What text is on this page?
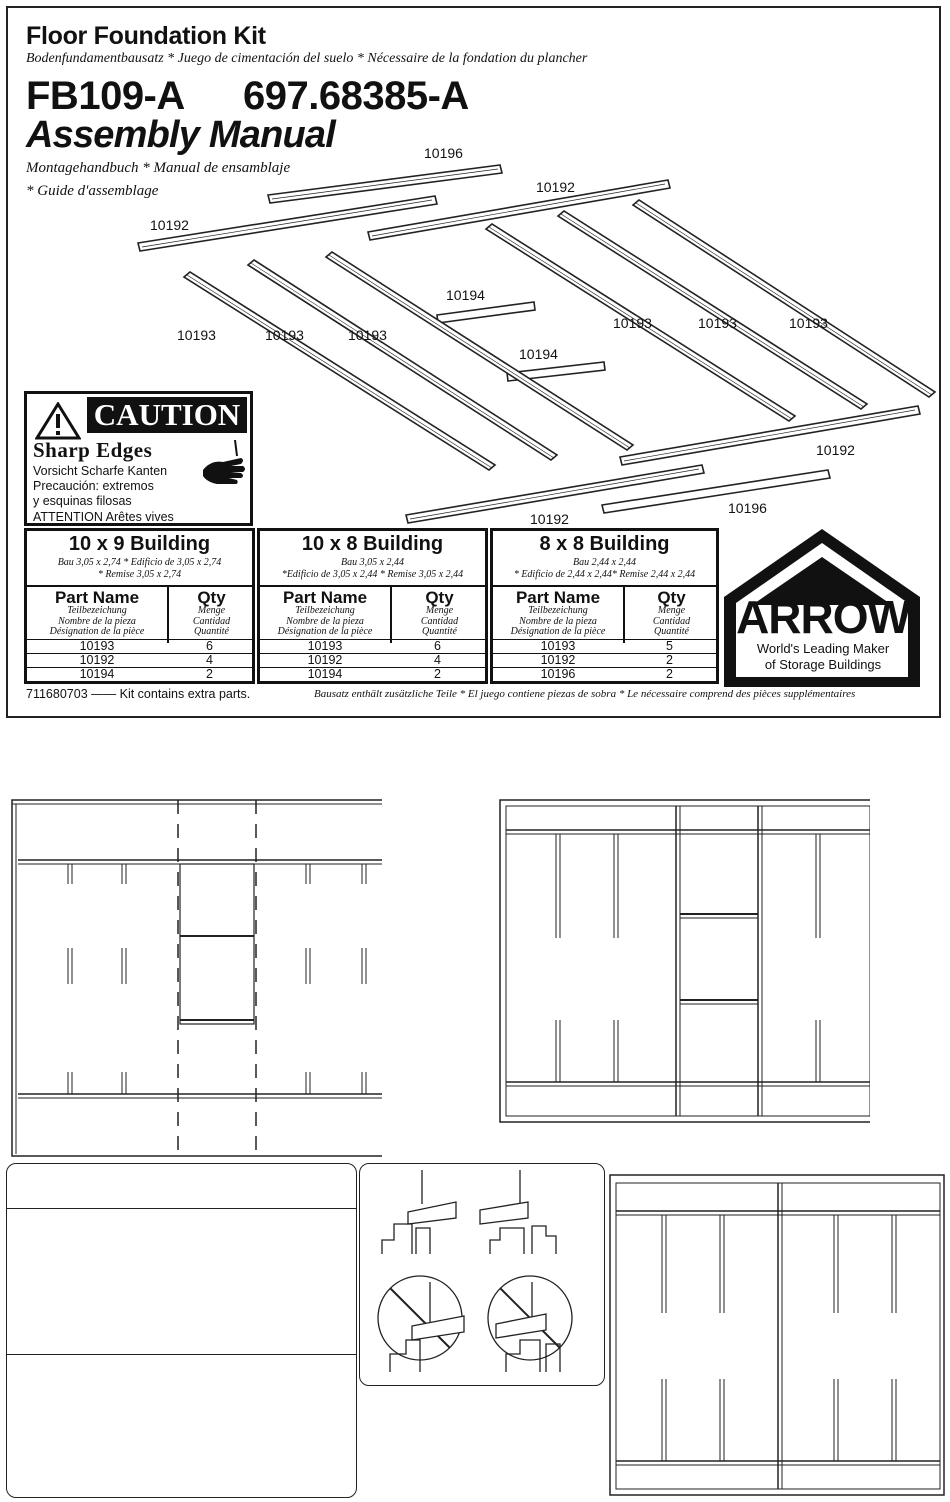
Floor Foundation Kit
Bodenfundamentbausatz * Juego de cimentación del suelo * Nécessaire de la fondation du plancher
FB109-A 697.68385-A
Assembly Manual
Montagehandbuch * Manual de ensamblaje
* Guide d'assemblage
10196
10192
10192
10194
10194
10193	10193	10193
10193	10193	10193
10192
10192
10196
CAUTION
Sharp Edges
Vorsicht Scharfe Kanten
Precaución: extremos
y esquinas filosas
ATTENTION Arêtes vives
10 x 9 Building
Bau 3,05 x 2,74 * Edificio de 3,05 x 2,74
* Remise 3,05 x 2,74
Part Name
Teilbezeichung
Nombre de la pieza
Désignation de la pièce
Qty
Menge
Cantidad
Quantité
10193	6
10192	4
10194	2
10 x 8 Building
Bau 3,05 x 2,44
*Edificio de 3,05 x 2,44 * Remise 3,05 x 2,44
Part Name
Teilbezeichung
Nombre de la pieza
Désignation de la pièce
Qty
Menge
Cantidad
Quantité
10193	6
10192	4
10194	2
8 x 8 Building
Bau 2,44 x 2,44
* Edificio de 2,44 x 2,44* Remise 2,44 x 2,44
Part Name
Teilbezeichung
Nombre de la pieza
Désignation de la pièce
Qty
Menge
Cantidad
Quantité
10193	5
10192	2
10196	2
ARROW
World's Leading Maker
of Storage Buildings
711680703 —— Kit contains extra parts.	Bausatz enthält zusätzliche Teile * El juego contiene piezas de sobra * Le nécessaire comprend des pièces supplémentaires
